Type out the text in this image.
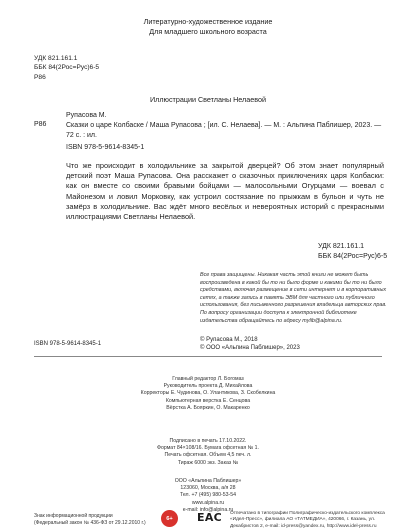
Литературно-художественное издание
Для младшего школьного возраста
УДК 821.161.1
ББК 84(2Рос=Рус)6-5
Р86
Иллюстрации Светланы Нелаевой
Рупасова М.
Р86	Сказки о царе Колбаске / Маша Рупасова ; [ил. С. Нелаева]. — М. : Альпина Паблишер, 2023. — 72 с. : ил.
ISBN 978-5-9614-8345-1
Что же происходит в холодильнике за закрытой дверцей? Об этом знает популярный детский поэт Маша Рупасова. Она расскажет о сказочных приключениях царя Колбаски: как он вместе со своими бравыми бойцами — малосольными Огурцами — воевал с Майонезом и ловил Морковку, как устроил состязание по прыжкам в бульон и чуть не замёрз в холодильнике. Вас ждёт много весёлых и невероятных историй с прекрасными иллюстрациями Светланы Нелаевой.
УДК 821.161.1
ББК 84(2Рос=Рус)6-5
Все права защищены. Никакая часть этой книги не может быть воспроизведена в какой бы то ни было форме и какими бы то ни было средствами, включая размещение в сети интернет и в корпоративных сетях, а также запись в память ЭВМ для частного или публичного использования, без письменного разрешения владельца авторских прав. По вопросу организации доступа к электронной библиотеке издательства обращайтесь по адресу mylib@alpina.ru.
ISBN 978-5-9614-8345-1
© Рупасова М., 2018
© ООО «Альпина Паблишер», 2023
Главный редактор Л. Богомаз
Руководитель проекта Д. Михайлова
Корректоры Е. Чудинова, О. Улантикова, З. Скобелкина
Компьютерная верстка Е. Сенцова
Вёрстка А. Бояркин, О. Макаренко
Подписано в печать 17.10.2022.
Формат 84×108/16. Бумага офсетная № 1.
Печать офсетная. Объем 4,5 печ. л.
Тираж 6000 экз. Заказ №
ООО «Альпина Паблишер»
123060, Москва, а/я 28
Тел. +7 (495) 980-53-54
www.alpina.ru
e-mail: info@alpina.ru
Знак информационной продукции
(Федеральный закон № 436-ФЗ от 29.12.2010 г.)
6+	EAC Отпечатано в типографии Полиграфическо-издательского комплекса «Идел-Пресс», филиала АО «ТАТМЕДИА», 420066, г. Казань, ул. Декабристов 2, e-mail: id-press@yandex.ru, http://www.idel-press.ru
